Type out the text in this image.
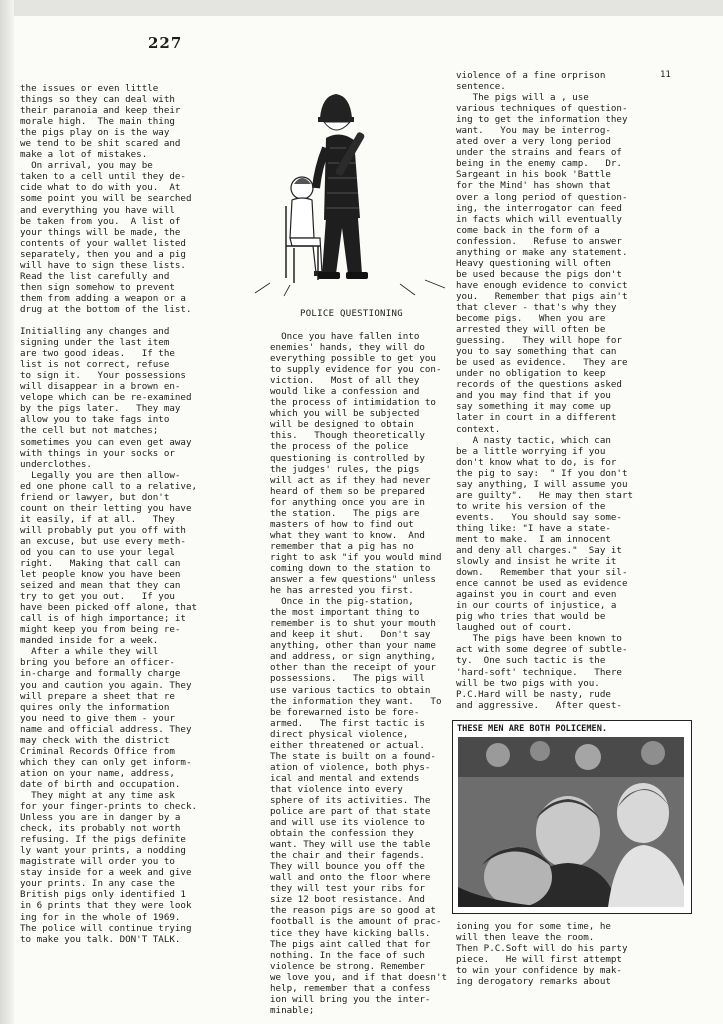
227
11
the issues or even little
things so they can deal with
their paranoia and keep their
morale high.  The main thing
the pigs play on is the way
we tend to be shit scared and
make a lot of mistakes.
On arrival, you may be
taken to a cell until they de-
cide what to do with you.  At
some point you will be searched
and everything you have will
be taken from you.  A list of
your things will be made, the
contents of your wallet listed
separately, then you and a pig
will have to sign these lists.
Read the list carefully and
then sign somehow to prevent
them from adding a weapon or a
drug at the bottom of the list.

Initialling any changes and
signing under the last item
are two good ideas.   If the
list is not correct, refuse
to sign it.   Your possessions
will disappear in a brown en-
velope which can be re-examined
by the pigs later.   They may
allow you to take fags into
the cell but not matches;
sometimes you can even get away
with things in your socks or
underclothes.
Legally you are then allow-
ed one phone call to a relative,
friend or lawyer, but don't
count on their letting you have
it easily, if at all.   They
will probably put you off with
an excuse, but use every meth-
od you can to use your legal
right.   Making that call can
let people know you have been
seized and mean that they can
try to get you out.   If you
have been picked off alone, that
call is of high importance; it
might keep you from being re-
manded inside for a week.
After a while they will
bring you before an officer-
in-charge and formally charge
you and caution you again. They
will prepare a sheet that re
quires only the information
you need to give them - your
name and official address. They
may check with the district
Criminal Records Office from
which they can only get inform-
ation on your name, address,
date of birth and occupation.
They might at any time ask
for your finger-prints to check.
Unless you are in danger by a
check, its probably not worth
refusing. If the pigs definite
ly want your prints, a nodding
magistrate will order you to
stay inside for a week and give
your prints. In any case the
British pigs only identified 1
in 6 prints that they were look
ing for in the whole of 1969.
The police will continue trying
to make you talk. DON'T TALK.
POLICE QUESTIONING
Once you have fallen into
enemies' hands, they will do
everything possible to get you
to supply evidence for you con-
viction.   Most of all they
would like a confession and
the process of intimidation to
which you will be subjected
will be designed to obtain
this.   Though theoretically
the process of the police
questioning is controlled by
the judges' rules, the pigs
will act as if they had never
heard of them so be prepared
for anything once you are in
the station.   The pigs are
masters of how to find out
what they want to know.  And
remember that a pig has no
right to ask "if you would mind
coming down to the station to
answer a few questions" unless
he has arrested you first.
Once in the pig-station,
the most important thing to
remember is to shut your mouth
and keep it shut.   Don't say
anything, other than your name
and address, or sign anything,
other than the receipt of your
possessions.   The pigs will
use various tactics to obtain
the information they want.   To
be forewarned isto be fore-
armed.   The first tactic is
direct physical violence,
either threatened or actual.
The state is built on a found-
ation of violence, both phys-
ical and mental and extends
that violence into every
sphere of its activities. The
police are part of that state
and will use its violence to
obtain the confession they
want. They will use the table
the chair and their fagends.
They will bounce you off the
wall and onto the floor where
they will test your ribs for
size 12 boot resistance. And
the reason pigs are so good at
football is the amount of prac-
tice they have kicking balls.
The pigs aint called that for
nothing. In the face of such
violence be strong. Remember
we love you, and if that doesn't
help, remember that a confess
ion will bring you the inter-
minable;
violence of a fine orprison
sentence.
The pigs will a , use
various techniques of question-
ing to get the information they
want.   You may be interrog-
ated over a very long period
under the strains and fears of
being in the enemy camp.   Dr.
Sargeant in his book 'Battle
for the Mind' has shown that
over a long period of question-
ing, the interrogator can feed
in facts which will eventually
come back in the form of a
confession.   Refuse to answer
anything or make any statement.
Heavy questioning will often
be used because the pigs don't
have enough evidence to convict
you.   Remember that pigs ain't
that clever - that's why they
become pigs.   When you are
arrested they will often be
guessing.   They will hope for
you to say something that can
be used as evidence.   They are
under no obligation to keep
records of the questions asked
and you may find that if you
say something it may come up
later in court in a different
context.
A nasty tactic, which can
be a little worrying if you
don't know what to do, is for
the pig to say:  " If you don't
say anything, I will assume you
are guilty".   He may then start
to write his version of the
events.   You should say some-
thing like: "I have a state-
ment to make.  I am innocent
and deny all charges."  Say it
slowly and insist he write it
down.   Remember that your sil-
ence cannot be used as evidence
against you in court and even
in our courts of injustice, a
pig who tries that would be
laughed out of court.
The pigs have been known to
act with some degree of subtle-
ty.  One such tactic is the
'hard-soft' technique.   There
will be two pigs with you.
P.C.Hard will be nasty, rude
and aggressive.   After quest-
THESE MEN ARE BOTH POLICEMEN.
ioning you for some time, he
will then leave the room.
Then P.C.Soft will do his party
piece.   He will first attempt
to win your confidence by mak-
ing derogatory remarks about
